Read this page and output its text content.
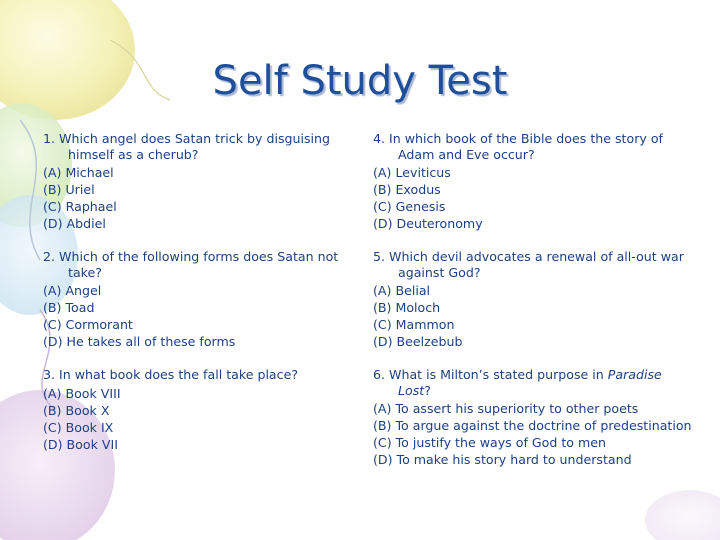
Self Study Test

1. Which angel does Satan trick by disguising himself as a cherub?

(A) Michael

(B) Uriel

(C) Raphael

(D) Abdiel

2. Which of the following forms does Satan not take?

(A) Angel

(B) Toad

(C) Cormorant

(D) He takes all of these forms

3. In what book does the fall take place?

(A) Book VIII

(B) Book X

(C) Book IX

(D) Book VII

4. In which book of the Bible does the story of Adam and Eve occur?

(A) Leviticus

(B) Exodus

(C) Genesis

(D) Deuteronomy

5. Which devil advocates a renewal of all-out war against God?

(A) Belial

(B) Moloch

(C) Mammon

(D) Beelzebub

6. What is Milton’s stated purpose in Paradise Lost?

(A) To assert his superiority to other poets

(B) To argue against the doctrine of predestination

(C) To justify the ways of God to men

(D) To make his story hard to understand
